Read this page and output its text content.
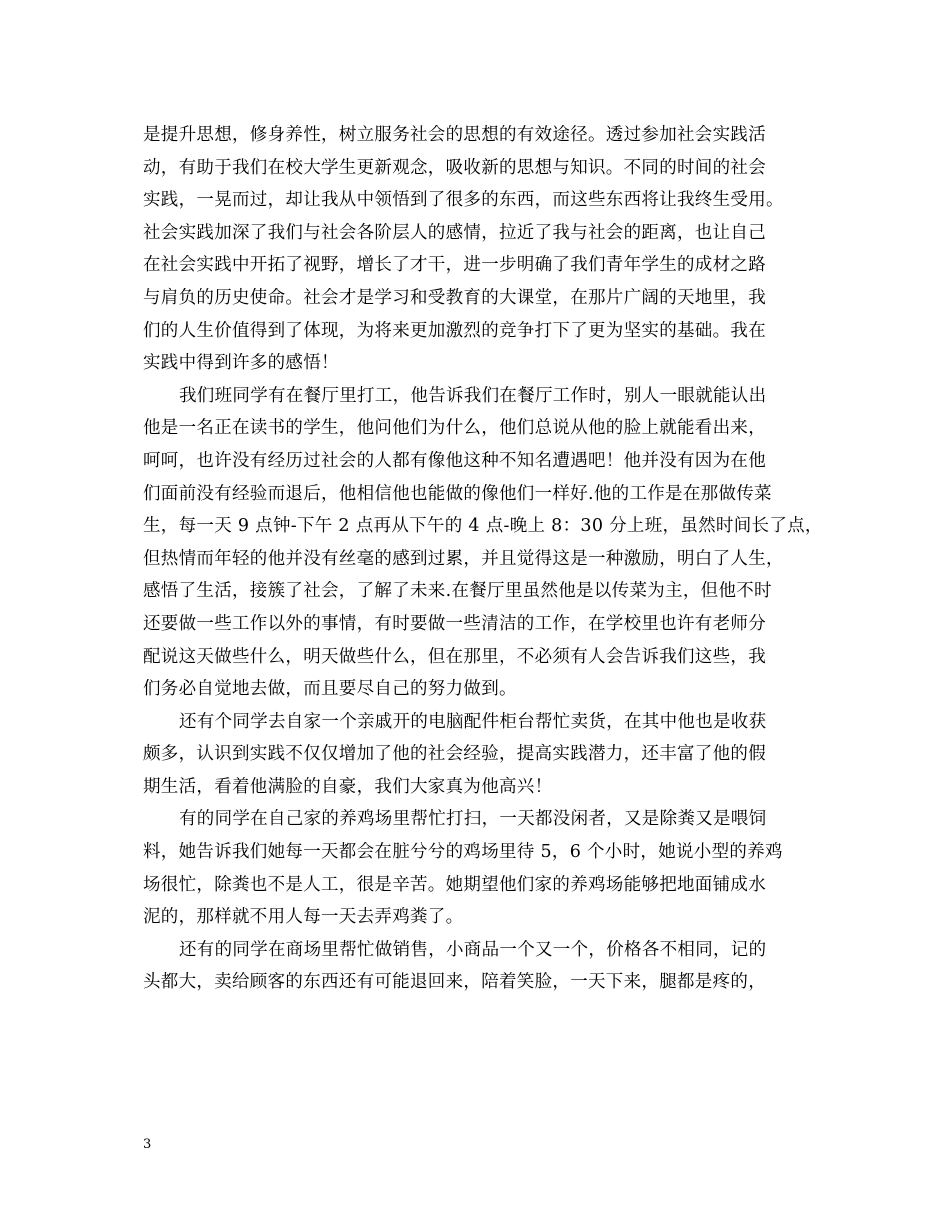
是提升思想，修身养性，树立服务社会的思想的有效途径。透过参加社会实践活
动，有助于我们在校大学生更新观念，吸收新的思想与知识。不同的时间的社会
实践，一晃而过，却让我从中领悟到了很多的东西，而这些东西将让我终生受用。
社会实践加深了我们与社会各阶层人的感情，拉近了我与社会的距离，也让自己
在社会实践中开拓了视野，增长了才干，进一步明确了我们青年学生的成材之路
与肩负的历史使命。社会才是学习和受教育的大课堂，在那片广阔的天地里，我
们的人生价值得到了体现，为将来更加激烈的竞争打下了更为坚实的基础。我在
实践中得到许多的感悟！
我们班同学有在餐厅里打工，他告诉我们在餐厅工作时，别人一眼就能认出
他是一名正在读书的学生，他问他们为什么，他们总说从他的脸上就能看出来，
呵呵，也许没有经历过社会的人都有像他这种不知名遭遇吧！他并没有因为在他
们面前没有经验而退后，他相信他也能做的像他们一样好.他的工作是在那做传菜
生，每一天 9 点钟-下午 2 点再从下午的 4 点-晚上 8：30 分上班，虽然时间长了点，
但热情而年轻的他并没有丝毫的感到过累，并且觉得这是一种激励，明白了人生，
感悟了生活，接簇了社会，了解了未来.在餐厅里虽然他是以传菜为主，但他不时
还要做一些工作以外的事情，有时要做一些清洁的工作，在学校里也许有老师分
配说这天做些什么，明天做些什么，但在那里，不必须有人会告诉我们这些，我
们务必自觉地去做，而且要尽自己的努力做到。
还有个同学去自家一个亲戚开的电脑配件柜台帮忙卖货，在其中他也是收获
颇多，认识到实践不仅仅增加了他的社会经验，提高实践潜力，还丰富了他的假
期生活，看着他满脸的自豪，我们大家真为他高兴！
有的同学在自己家的养鸡场里帮忙打扫，一天都没闲者，又是除粪又是喂饲
料，她告诉我们她每一天都会在脏兮兮的鸡场里待 5，6 个小时，她说小型的养鸡
场很忙，除粪也不是人工，很是辛苦。她期望他们家的养鸡场能够把地面铺成水
泥的，那样就不用人每一天去弄鸡粪了。
还有的同学在商场里帮忙做销售，小商品一个又一个，价格各不相同，记的
头都大，卖给顾客的东西还有可能退回来，陪着笑脸，一天下来，腿都是疼的，
3
